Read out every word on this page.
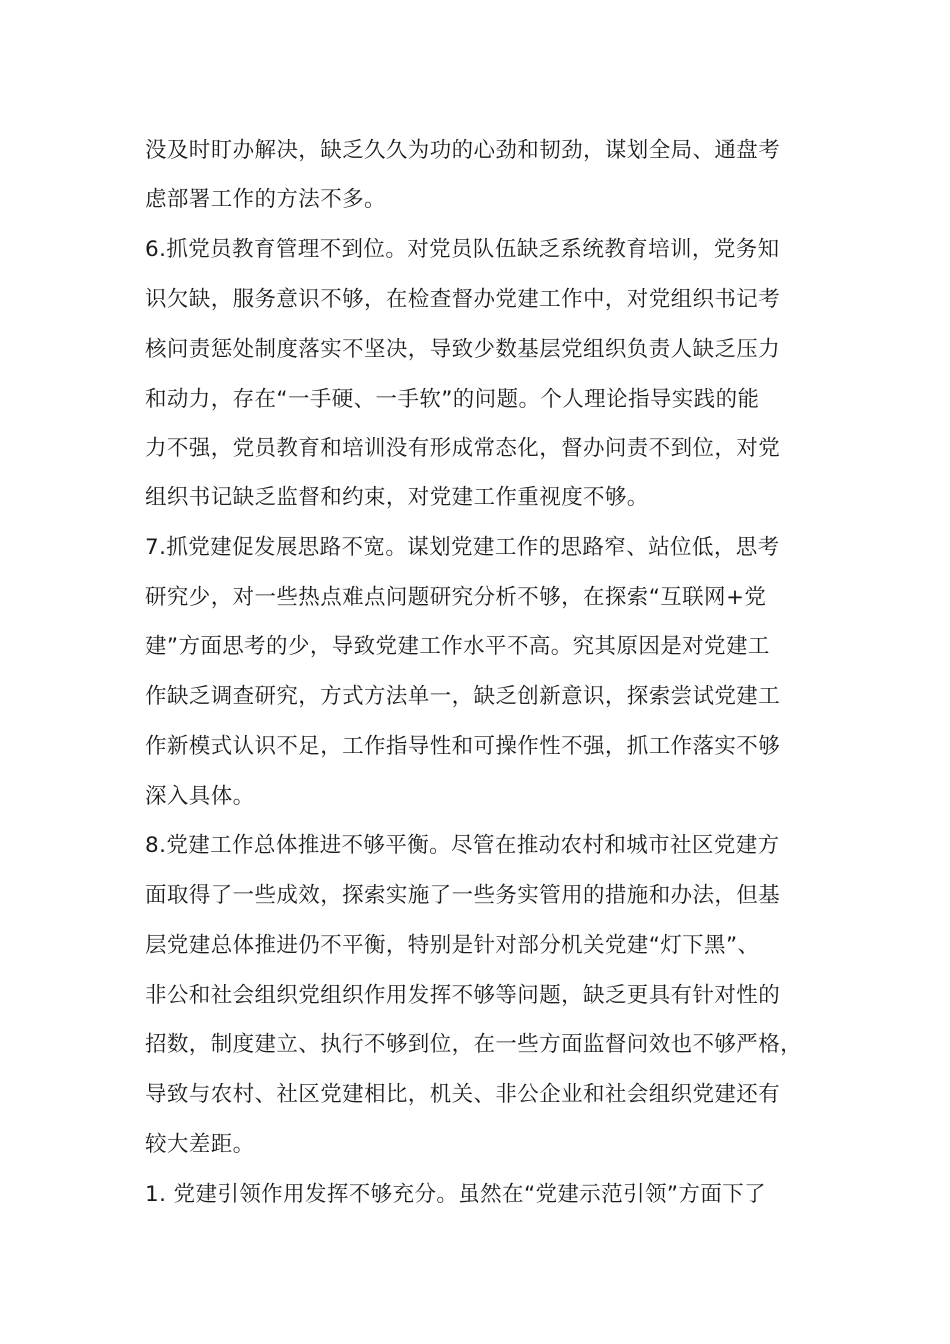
没及时盯办解决，缺乏久久为功的心劲和韧劲，谋划全局、通盘考
虑部署工作的方法不多。
6.抓党员教育管理不到位。对党员队伍缺乏系统教育培训，党务知
识欠缺，服务意识不够，在检查督办党建工作中，对党组织书记考
核问责惩处制度落实不坚决，导致少数基层党组织负责人缺乏压力
和动力，存在“一手硬、一手软”的问题。个人理论指导实践的能
力不强，党员教育和培训没有形成常态化，督办问责不到位，对党
组织书记缺乏监督和约束，对党建工作重视度不够。
7.抓党建促发展思路不宽。谋划党建工作的思路窄、站位低，思考
研究少，对一些热点难点问题研究分析不够，在探索“互联网+党
建”方面思考的少，导致党建工作水平不高。究其原因是对党建工
作缺乏调查研究，方式方法单一，缺乏创新意识，探索尝试党建工
作新模式认识不足，工作指导性和可操作性不强，抓工作落实不够
深入具体。
8.党建工作总体推进不够平衡。尽管在推动农村和城市社区党建方
面取得了一些成效，探索实施了一些务实管用的措施和办法，但基
层党建总体推进仍不平衡，特别是针对部分机关党建“灯下黑”、
非公和社会组织党组织作用发挥不够等问题，缺乏更具有针对性的
招数，制度建立、执行不够到位，在一些方面监督问效也不够严格，
导致与农村、社区党建相比，机关、非公企业和社会组织党建还有
较大差距。
1. 党建引领作用发挥不够充分。虽然在“党建示范引领”方面下了
